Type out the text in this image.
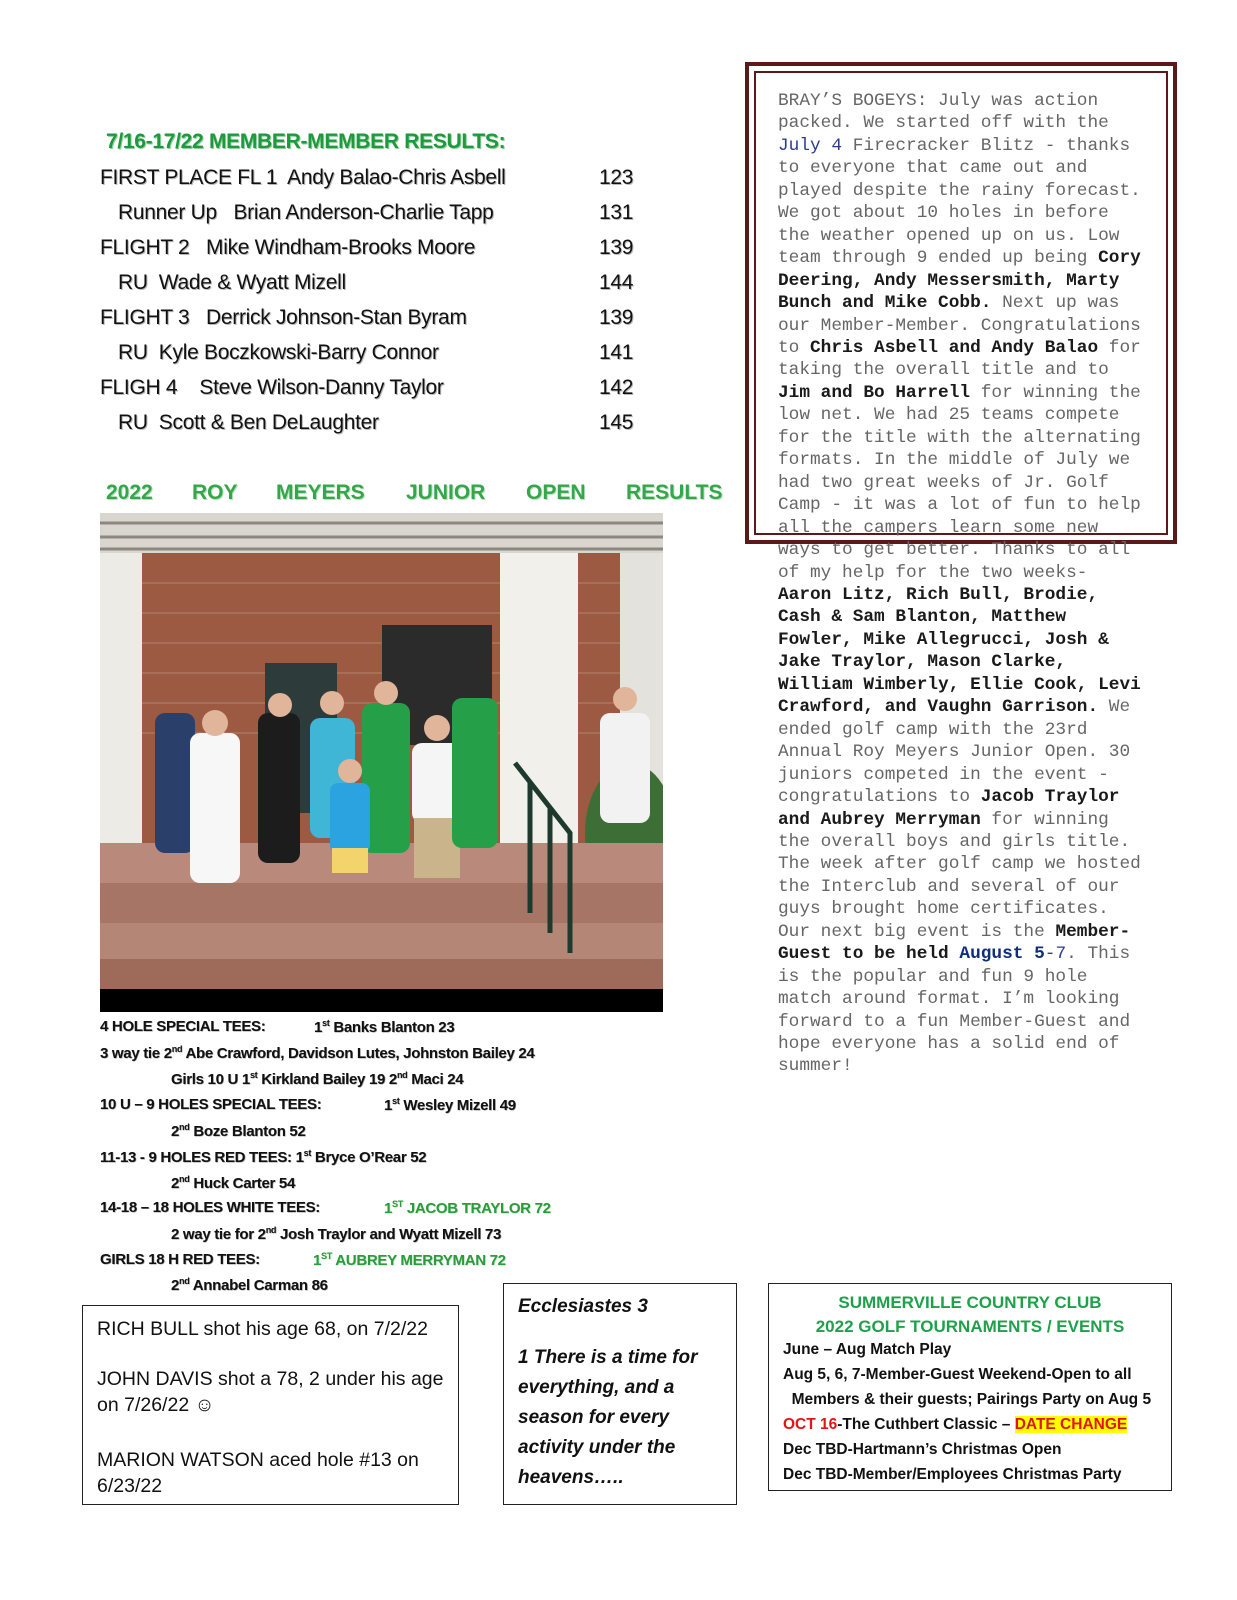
7/16-17/22 MEMBER-MEMBER RESULTS:
FIRST PLACE FL 1  Andy Balao-Chris Asbell	123
Runner Up   Brian Anderson-Charlie Tapp	131
FLIGHT 2   Mike Windham-Brooks Moore	139
RU  Wade & Wyatt Mizell	144
FLIGHT 3   Derrick Johnson-Stan Byram	139
RU  Kyle Boczkowski-Barry Connor	141
FLIGH 4    Steve Wilson-Danny Taylor	142
RU  Scott & Ben DeLaughter	145
2022 ROY MEYERS JUNIOR OPEN RESULTS
4 HOLE SPECIAL TEES:	1st Banks Blanton 23
3 way tie 2nd Abe Crawford, Davidson Lutes, Johnston Bailey 24
Girls 10 U 1st Kirkland Bailey 19 2nd Maci 24
10 U – 9 HOLES SPECIAL TEES:	1st Wesley Mizell 49
2nd Boze Blanton 52
11-13 - 9 HOLES RED TEES: 1st Bryce O’Rear 52
2nd Huck Carter 54
14-18 – 18 HOLES WHITE TEES:	1ST JACOB TRAYLOR 72
2 way tie for 2nd Josh Traylor and Wyatt Mizell 73
GIRLS 18 H RED TEES:	1ST AUBREY MERRYMAN 72
2nd Annabel Carman 86
BRAY’S BOGEYS: July was action packed. We started off with the July 4 Firecracker Blitz - thanks to everyone that came out and played despite the rainy forecast. We got about 10 holes in before the weather opened up on us. Low team through 9 ended up being Cory Deering, Andy Messersmith, Marty Bunch and Mike Cobb. Next up was our Member-Member. Congratulations to Chris Asbell and Andy Balao for taking the overall title and to Jim and Bo Harrell for winning the low net. We had 25 teams compete for the title with the alternating formats. In the middle of July we had two great weeks of Jr. Golf Camp - it was a lot of fun to help all the campers learn some new ways to get better. Thanks to all of my help for the two weeks- Aaron Litz, Rich Bull, Brodie, Cash & Sam Blanton, Matthew Fowler, Mike Allegrucci, Josh & Jake Traylor, Mason Clarke, William Wimberly, Ellie Cook, Levi Crawford, and Vaughn Garrison. We ended golf camp with the 23rd Annual Roy Meyers Junior Open. 30 juniors competed in the event - congratulations to Jacob Traylor and Aubrey Merryman for winning the overall boys and girls title. The week after golf camp we hosted the Interclub and several of our guys brought home certificates. Our next big event is the Member-Guest to be held August 5-7. This is the popular and fun 9 hole match around format. I’m looking forward to a fun Member-Guest and hope everyone has a solid end of summer!
RICH BULL shot his age 68, on 7/2/22
JOHN DAVIS shot a 78, 2 under his age on 7/26/22 ☺
MARION WATSON aced hole #13 on 6/23/22
Ecclesiastes 3
1 There is a time for everything, and a season for every activity under the heavens…..
SUMMERVILLE COUNTRY CLUB
2022 GOLF TOURNAMENTS / EVENTS
June – Aug Match Play
Aug 5, 6, 7-Member-Guest Weekend-Open to all
Members & their guests; Pairings Party on Aug 5
OCT 16-The Cuthbert Classic – DATE CHANGE
Dec TBD-Hartmann’s Christmas Open
Dec TBD-Member/Employees Christmas Party
